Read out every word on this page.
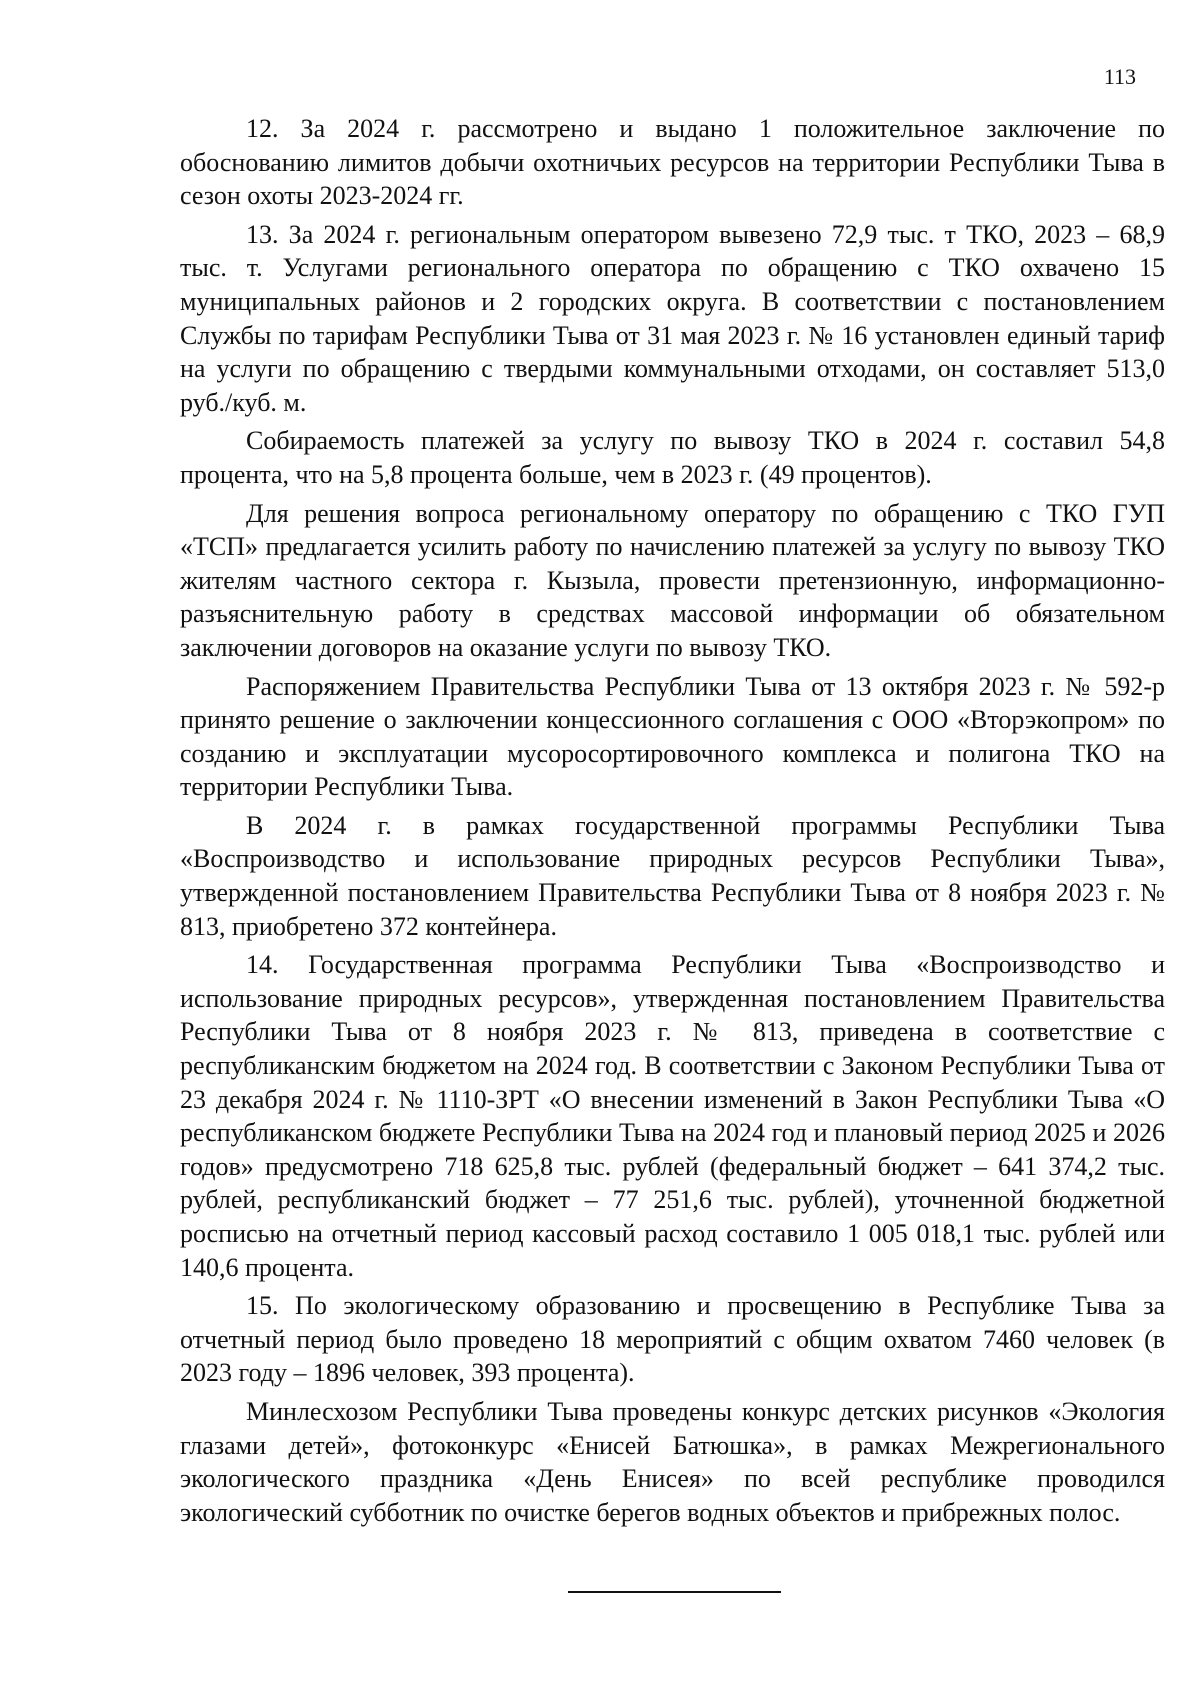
113

12. За 2024 г. рассмотрено и выдано 1 положительное заключение по обоснованию лимитов добычи охотничьих ресурсов на территории Республики Тыва в сезон охоты 2023-2024 гг.

13. За 2024 г. региональным оператором вывезено 72,9 тыс. т ТКО, 2023 – 68,9 тыс. т. Услугами регионального оператора по обращению с ТКО охвачено 15 муниципальных районов и 2 городских округа. В соответствии с постановлением Службы по тарифам Республики Тыва от 31 мая 2023 г. № 16 установлен единый тариф на услуги по обращению с твердыми коммунальными отходами, он составляет 513,0 руб./куб. м.

Собираемость платежей за услугу по вывозу ТКО в 2024 г. составил 54,8 процента, что на 5,8 процента больше, чем в 2023 г. (49 процентов).

Для решения вопроса региональному оператору по обращению с ТКО ГУП «ТСП» предлагается усилить работу по начислению платежей за услугу по вывозу ТКО жителям частного сектора г. Кызыла, провести претензионную, информационно-разъяснительную работу в средствах массовой информации об обязательном заключении договоров на оказание услуги по вывозу ТКО.

Распоряжением Правительства Республики Тыва от 13 октября 2023 г. № 592-р принято решение о заключении концессионного соглашения с ООО «Вторэкопром» по созданию и эксплуатации мусоросортировочного комплекса и полигона ТКО на территории Республики Тыва.

В 2024 г. в рамках государственной программы Республики Тыва «Воспроизводство и использование природных ресурсов Республики Тыва», утвержденной постановлением Правительства Республики Тыва от 8 ноября 2023 г. № 813, приобретено 372 контейнера.

14. Государственная программа Республики Тыва «Воспроизводство и использование природных ресурсов», утвержденная постановлением Правительства Республики Тыва от 8 ноября 2023 г. № 813, приведена в соответствие с республиканским бюджетом на 2024 год. В соответствии с Законом Республики Тыва от 23 декабря 2024 г. № 1110-ЗРТ «О внесении изменений в Закон Республики Тыва «О республиканском бюджете Республики Тыва на 2024 год и плановый период 2025 и 2026 годов» предусмотрено 718 625,8 тыс. рублей (федеральный бюджет – 641 374,2 тыс. рублей, республиканский бюджет – 77 251,6 тыс. рублей), уточненной бюджетной росписью на отчетный период кассовый расход составило 1 005 018,1 тыс. рублей или 140,6 процента.

15. По экологическому образованию и просвещению в Республике Тыва за отчетный период было проведено 18 мероприятий с общим охватом 7460 человек (в 2023 году – 1896 человек, 393 процента).

Минлесхозом Республики Тыва проведены конкурс детских рисунков «Экология глазами детей», фотоконкурс «Енисей Батюшка», в рамках Межрегионального экологического праздника «День Енисея» по всей республике проводился экологический субботник по очистке берегов водных объектов и прибрежных полос.
